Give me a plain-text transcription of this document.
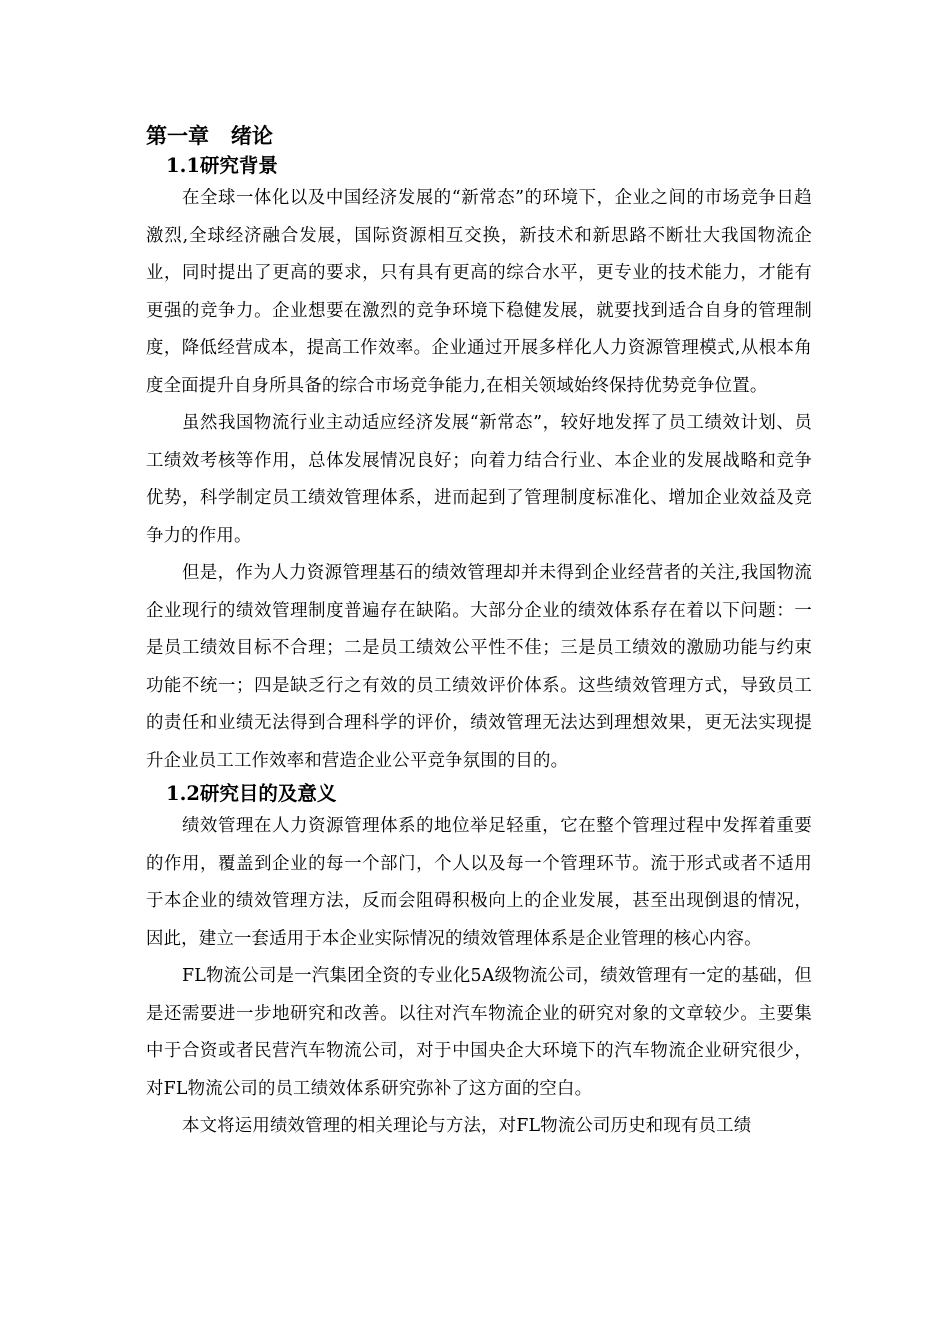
第一章   绪论
1.1研究背景

在全球一体化以及中国经济发展的“新常态”的环境下，企业之间的市场竞争日趋激烈,全球经济融合发展，国际资源相互交换，新技术和新思路不断壮大我国物流企业，同时提出了更高的要求，只有具有更高的综合水平，更专业的技术能力，才能有更强的竞争力。企业想要在激烈的竞争环境下稳健发展，就要找到适合自身的管理制度，降低经营成本，提高工作效率。企业通过开展多样化人力资源管理模式,从根本角度全面提升自身所具备的综合市场竞争能力,在相关领域始终保持优势竞争位置。

虽然我国物流行业主动适应经济发展“新常态”，较好地发挥了员工绩效计划、员工绩效考核等作用，总体发展情况良好；向着力结合行业、本企业的发展战略和竞争优势，科学制定员工绩效管理体系，进而起到了管理制度标准化、增加企业效益及竞争力的作用。

但是，作为人力资源管理基石的绩效管理却并未得到企业经营者的关注,我国物流企业现行的绩效管理制度普遍存在缺陷。大部分企业的绩效体系存在着以下问题：一是员工绩效目标不合理；二是员工绩效公平性不佳；三是员工绩效的激励功能与约束功能不统一；四是缺乏行之有效的员工绩效评价体系。这些绩效管理方式，导致员工的责任和业绩无法得到合理科学的评价，绩效管理无法达到理想效果，更无法实现提升企业员工工作效率和营造企业公平竞争氛围的目的。

1.2研究目的及意义

绩效管理在人力资源管理体系的地位举足轻重，它在整个管理过程中发挥着重要的作用，覆盖到企业的每一个部门，个人以及每一个管理环节。流于形式或者不适用于本企业的绩效管理方法，反而会阻碍积极向上的企业发展，甚至出现倒退的情况，因此，建立一套适用于本企业实际情况的绩效管理体系是企业管理的核心内容。

FL物流公司是一汽集团全资的专业化5A级物流公司，绩效管理有一定的基础，但是还需要进一步地研究和改善。以往对汽车物流企业的研究对象的文章较少。主要集中于合资或者民营汽车物流公司，对于中国央企大环境下的汽车物流企业研究很少，对FL物流公司的员工绩效体系研究弥补了这方面的空白。

本文将运用绩效管理的相关理论与方法，对FL物流公司历史和现有员工绩
